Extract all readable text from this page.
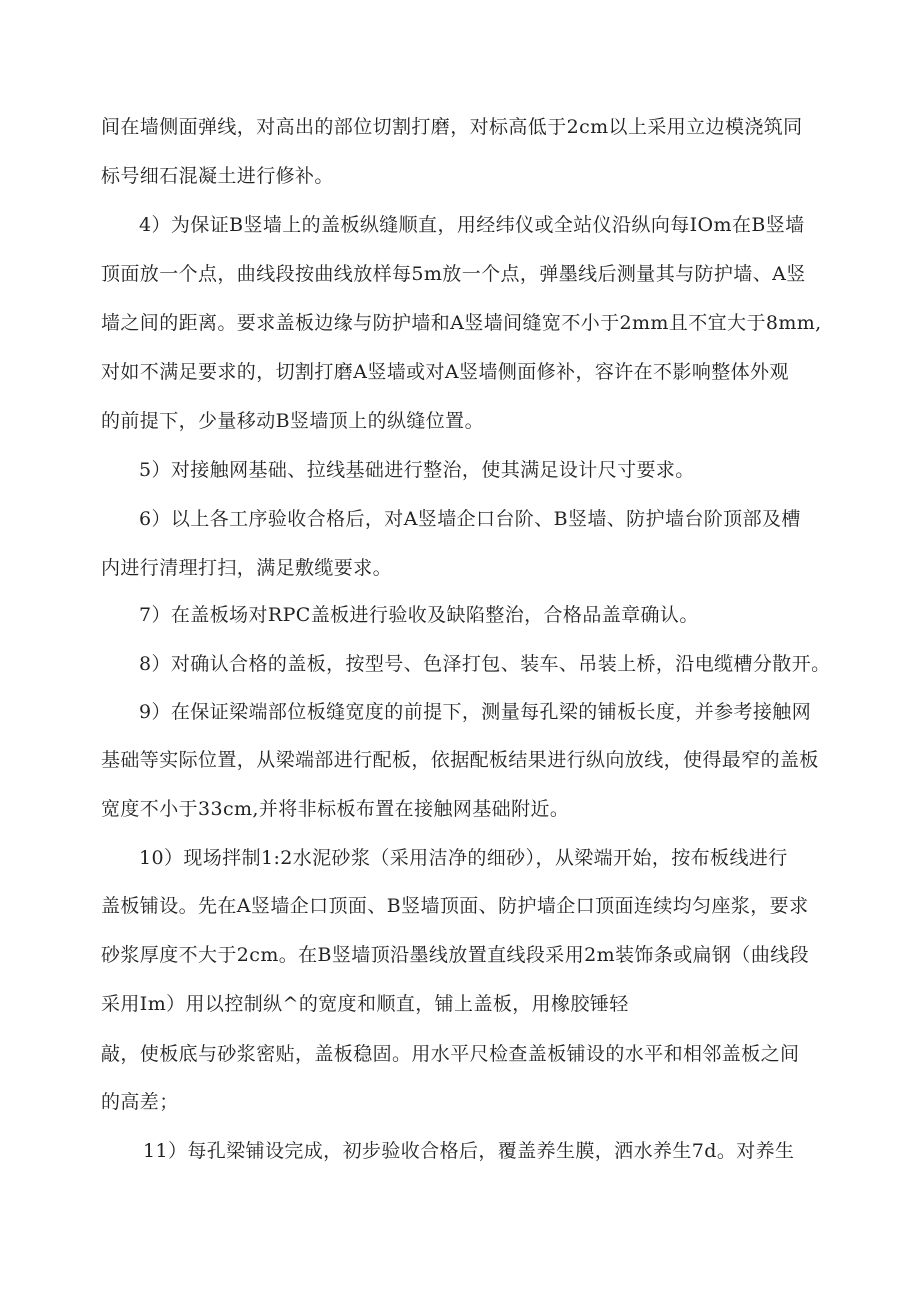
间在墙侧面弹线，对高出的部位切割打磨，对标高低于2cm以上采用立边模浇筑同
标号细石混凝土进行修补。
4）为保证B竖墙上的盖板纵缝顺直，用经纬仪或全站仪沿纵向每IOm在B竖墙
顶面放一个点，曲线段按曲线放样每5m放一个点，弹墨线后测量其与防护墙、A竖
墙之间的距离。要求盖板边缘与防护墙和A竖墙间缝宽不小于2mm且不宜大于8mm,
对如不满足要求的，切割打磨A竖墙或对A竖墙侧面修补，容许在不影响整体外观
的前提下，少量移动B竖墙顶上的纵缝位置。
5）对接触网基础、拉线基础进行整治，使其满足设计尺寸要求。
6）以上各工序验收合格后，对A竖墙企口台阶、B竖墙、防护墙台阶顶部及槽
内进行清理打扫，满足敷缆要求。
7）在盖板场对RPC盖板进行验收及缺陷整治，合格品盖章确认。
8）对确认合格的盖板，按型号、色泽打包、装车、吊装上桥，沿电缆槽分散开。
9）在保证梁端部位板缝宽度的前提下，测量每孔梁的铺板长度，并参考接触网
基础等实际位置，从梁端部进行配板，依据配板结果进行纵向放线，使得最窄的盖板
宽度不小于33cm,并将非标板布置在接触网基础附近。
10）现场拌制1:2水泥砂浆（采用洁净的细砂），从梁端开始，按布板线进行
盖板铺设。先在A竖墙企口顶面、B竖墙顶面、防护墙企口顶面连续均匀座浆，要求
砂浆厚度不大于2cm。在B竖墙顶沿墨线放置直线段采用2m装饰条或扁钢（曲线段
采用Im）用以控制纵^的宽度和顺直，铺上盖板，用橡胶锤轻
敲，使板底与砂浆密贴，盖板稳固。用水平尺检查盖板铺设的水平和相邻盖板之间
的高差；
11）每孔梁铺设完成，初步验收合格后，覆盖养生膜，洒水养生7d。对养生
